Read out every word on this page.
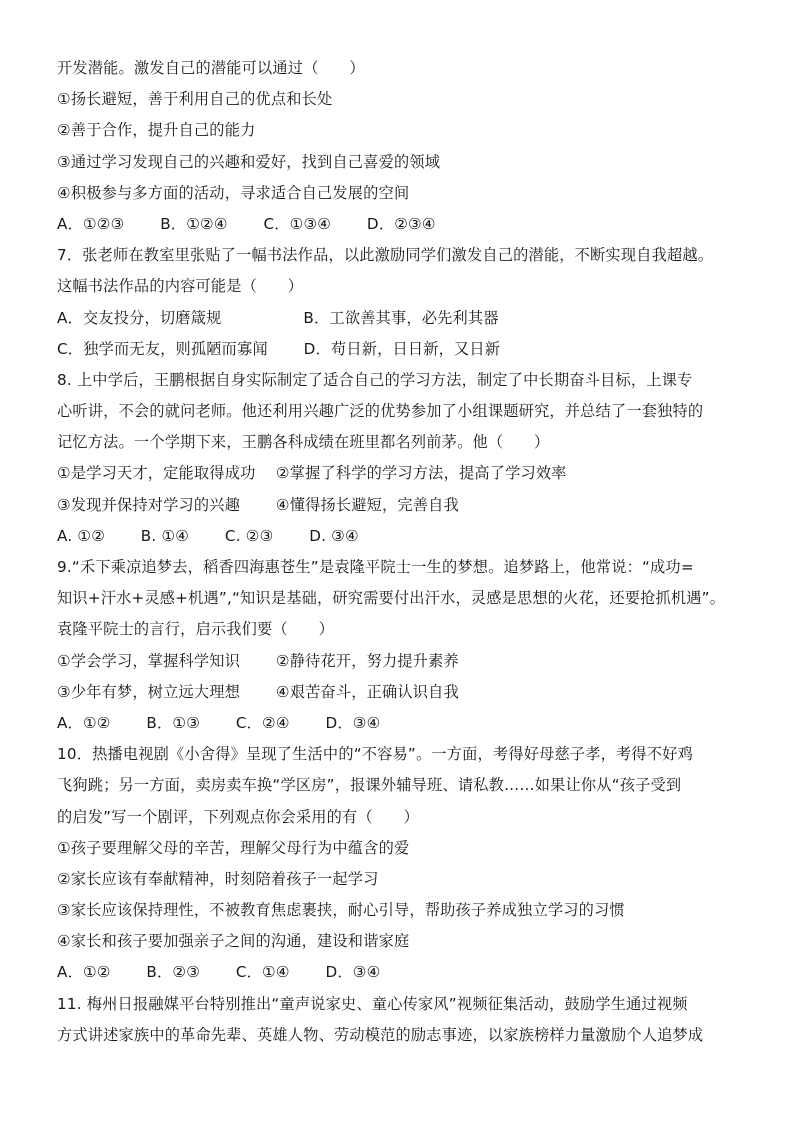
开发潜能。激发自己的潜能可以通过（　　）
①扬长避短，善于利用自己的优点和长处
②善于合作，提升自己的能力
③通过学习发现自己的兴趣和爱好，找到自己喜爱的领域
④积极参与多方面的活动，寻求适合自己发展的空间
A．①②③　　 B．①②④　　 C．①③④　　 D．②③④
7．张老师在教室里张贴了一幅书法作品，以此激励同学们激发自己的潜能，不断实现自我超越。
这幅书法作品的内容可能是（　　）
A．交友投分，切磨箴规　　　　　 B．工欲善其事，必先利其器
C．独学而无友，则孤陋而寡闻　　 D．苟日新，日日新，又日新
8. 上中学后，王鹏根据自身实际制定了适合自己的学习方法，制定了中长期奋斗目标，上课专
心听讲，不会的就问老师。他还利用兴趣广泛的优势参加了小组课题研究，并总结了一套独特的
记忆方法。一个学期下来，王鹏各科成绩在班里都名列前茅。他（　　）
①是学习天才，定能取得成功　 ②掌握了科学的学习方法，提高了学习效率
③发现并保持对学习的兴趣　　 ④懂得扬长避短，完善自我
A. ①②　　 B. ①④　　 C. ②③　　 D. ③④
9.“禾下乘凉追梦去，稻香四海惠苍生”是袁隆平院士一生的梦想。追梦路上，他常说：“成功=
知识+汗水+灵感+机遇”,“知识是基础，研究需要付出汗水，灵感是思想的火花，还要抢抓机遇”。
袁隆平院士的言行，启示我们要（　　）
①学会学习，掌握科学知识　　 ②静待花开，努力提升素养
③少年有梦，树立远大理想　　 ④艰苦奋斗，正确认识自我
A．①②　　 B．①③　　 C．②④　　 D．③④
10．热播电视剧《小舍得》呈现了生活中的“不容易”。一方面，考得好母慈子孝，考得不好鸡
飞狗跳；另一方面，卖房卖车换“学区房”，报课外辅导班、请私教……如果让你从“孩子受到
的启发”写一个剧评，下列观点你会采用的有（　　）
①孩子要理解父母的辛苦，理解父母行为中蕴含的爱
②家长应该有奉献精神，时刻陪着孩子一起学习
③家长应该保持理性，不被教育焦虑裹挟，耐心引导，帮助孩子养成独立学习的习惯
④家长和孩子要加强亲子之间的沟通，建设和谐家庭
A．①②　　 B．②③　　 C．①④　　 D．③④
11. 梅州日报融媒平台特别推出“童声说家史、童心传家风”视频征集活动，鼓励学生通过视频
方式讲述家族中的革命先辈、英雄人物、劳动模范的励志事迹，以家族榜样力量激励个人追梦成
